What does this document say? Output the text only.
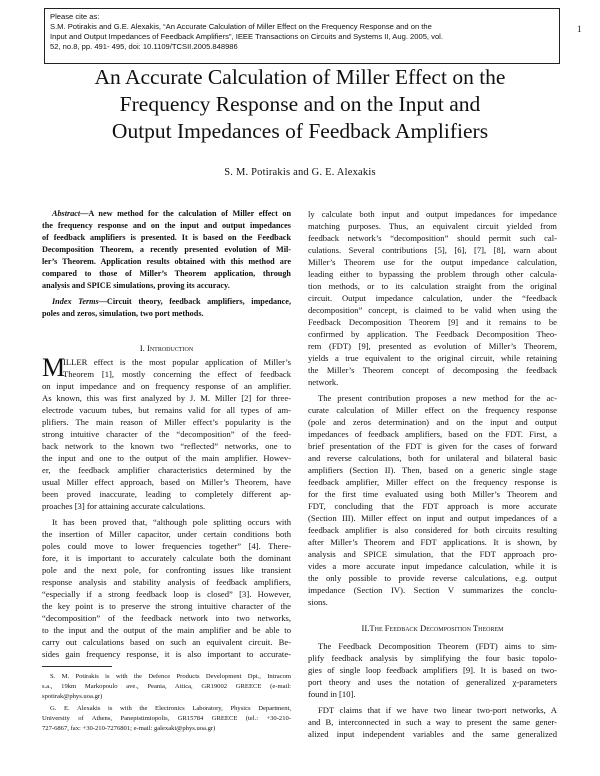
Please cite as:
S.M. Potirakis and G.E. Alexakis, “An Accurate Calculation of Miller Effect on the Frequency Response and on the
Input and Output Impedances of Feedback Amplifiers”, IEEE Transactions on Circuits and Systems II, Aug. 2005, vol.
52, no.8, pp. 491- 495, doi: 10.1109/TCSII.2005.848986
1
An Accurate Calculation of Miller Effect on the
Frequency Response and on the Input and
Output Impedances of Feedback Amplifiers
S. M. Potirakis and G. E. Alexakis
Abstract—A new method for the calculation of Miller effect on
the frequency response and on the input and output impedances
of feedback amplifiers is presented. It is based on the Feedback
Decomposition Theorem, a recently presented evolution of Mil-
ler’s Theorem. Application results obtained with this method are
compared to those of Miller’s Theorem application, through
analysis and SPICE simulations, proving its accuracy.
Index Terms—Circuit theory, feedback amplifiers, impedance,
poles and zeros, simulation, two port methods.
I. Introduction
M
ILLER effect is the most popular application of Miller’s
Theorem [1], mostly concerning the effect of feedback
on input impedance and on frequency response of an amplifier.
As known, this was first analyzed by J. M. Miller [2] for three-
electrode vacuum tubes, but remains valid for all types of am-
plifiers. The main reason of Miller effect’s popularity is the
strong intuitive character of the “decomposition” of the feed-
back network to the known two “reflected” networks, one to
the input and one to the output of the main amplifier. Howev-
er, the feedback amplifier characteristics determined by the
usual Miller effect approach, based on Miller’s Theorem, have
been proved inaccurate, leading to completely different ap-
proaches [3] for attaining accurate calculations.
It has been proved that, “although pole splitting occurs with
the insertion of Miller capacitor, under certain conditions both
poles could move to lower frequencies together” [4]. There-
fore, it is important to accurately calculate both the dominant
pole and the next pole, for confronting issues like transient
response analysis and stability analysis of feedback amplifiers,
“especially if a strong feedback loop is closed” [3]. However,
the key point is to preserve the strong intuitive character of the
“decomposition” of the feedback network into two networks,
to the input and the output of the main amplifier and be able to
carry out calculations based on such an equivalent circuit. Be-
sides gain frequency response, it is also important to accurate-
S. M. Potirakis is with the Defence Products Development Dpt., Intracom
s.a., 19km Markopoulo ave., Peania, Attica, GR19002 GREECE (e-mail:
spotirak@phys.uoa.gr)
G. E. Alexakis is with the Electronics Laboratory, Physics Department,
University of Athens, Panepistimiopolis, GR15784 GREECE (tel.: +30-210-
727-6867, fax: +30-210-7276801; e-mail: galexaki@phys.uoa.gr)
ly calculate both input and output impedances for impedance
matching purposes. Thus, an equivalent circuit yielded from
feedback network’s “decomposition” should permit such cal-
culations. Several contributions [5], [6], [7], [8], warn about
Miller’s Theorem use for the output impedance calculation,
leading either to bypassing the problem through other calcula-
tion methods, or to its calculation straight from the original
circuit. Output impedance calculation, under the “feedback
decomposition” concept, is claimed to be valid when using the
Feedback Decomposition Theorem [9] and it remains to be
confirmed by application. The Feedback Decomposition Theo-
rem (FDT) [9], presented as evolution of Miller’s Theorem,
yields a true equivalent to the original circuit, while retaining
the Miller’s Theorem concept of decomposing the feedback
network.
The present contribution proposes a new method for the ac-
curate calculation of Miller effect on the frequency response
(pole and zeros determination) and on the input and output
impedances of feedback amplifiers, based on the FDT. First, a
brief presentation of the FDT is given for the cases of forward
and reverse calculations, both for unilateral and bilateral basic
amplifiers (Section II). Then, based on a generic single stage
feedback amplifier, Miller effect on the frequency response is
for the first time evaluated using both Miller’s Theorem and
FDT, concluding that the FDT approach is more accurate
(Section III). Miller effect on input and output impedances of a
feedback amplifier is also considered for both circuits resulting
after Miller’s Theorem and FDT applications. It is shown, by
analysis and SPICE simulation, that the FDT approach pro-
vides a more accurate input impedance calculation, while it is
the only possible to provide reverse calculations, e.g. output
impedance (Section IV). Section V summarizes the conclu-
sions.
II.The Feedback Decomposition Theorem
The Feedback Decomposition Theorem (FDT) aims to sim-
plify feedback analysis by simplifying the four basic topolo-
gies of single loop feedback amplifiers [9]. It is based on two-
port theory and uses the notation of generalized χ-parameters
found in [10].
FDT claims that if we have two linear two-port networks, A
and B, interconnected in such a way to present the same gener-
alized input independent variables and the same generalized
